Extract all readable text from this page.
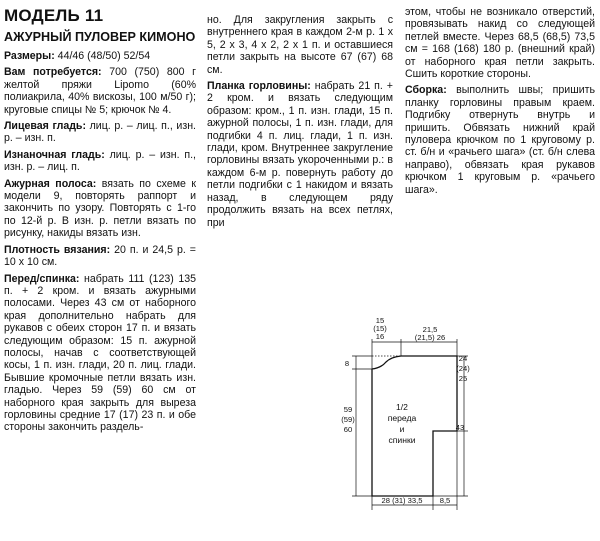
МОДЕЛЬ 11
АЖУРНЫЙ ПУЛОВЕР КИМОНО

Размеры: 44/46 (48/50) 52/54

Вам потребуется: 700 (750) 800 г желтой пряжи Lipomo (60% полиакрила, 40% вискозы, 100 м/50 г); круговые спицы № 5; крючок № 4.

Лицевая гладь: лиц. р. – лиц. п., изн. р. – изн. п.

Изнаночная гладь: лиц. р. – изн. п., изн. р. – лиц. п.

Ажурная полоса: вязать по схеме к модели 9, повторять раппорт и закончить по узору. Повторять с 1-го по 12-й р. В изн. р. петли вязать по рисунку, накиды вязать изн.

Плотность вязания: 20 п. и 24,5 р. = 10 х 10 см.

Перед/спинка: набрать 111 (123) 135 п. + 2 кром. и вязать ажурными полосами. Через 43 см от наборного края дополнительно набрать для рукавов с обеих сторон 17 п. и вязать следующим образом: 15 п. ажурной полосы, начав с соответствующей косы, 1 п. изн. глади, 20 п. лиц. глади. Бывшие кромочные петли вязать изн. гладью. Через 59 (59) 60 см от наборного края закрыть для выреза горловины средние 17 (17) 23 п. и обе стороны закончить раздель-

но. Для закругления закрыть с внутреннего края в каждом 2-м р. 1 х 5, 2 х 3, 4 х 2, 2 х 1 п. и оставшиеся петли закрыть на высоте 67 (67) 68 см.

Планка горловины: набрать 21 п. + 2 кром. и вязать следующим образом: кром., 1 п. изн. глади, 15 п. ажурной полосы, 1 п. изн. глади, для подгибки 4 п. лиц. глади, 1 п. изн. глади, кром. Внутреннее закругление горловины вязать укороченными р.: в каждом 6-м р. повернуть работу до петли подгибки с 1 накидом и вязать назад, в следующем ряду продолжить вязать на всех петлях, при

этом, чтобы не возникало отверстий, провязывать накид со следующей петлей вместе. Через 68,5 (68,5) 73,5 см = 168 (168) 180 р. (внешний край) от наборного края петли закрыть. Сшить короткие стороны.

Сборка: выполнить швы; пришить планку горловины правым краем. Подгибку отвернуть внутрь и пришить. Обвязать нижний край пуловера крючком по 1 круговому р. ст. б/н и «рачьего шага» (ст. б/н слева направо), обвязать края рукавов крючком 1 круговым р. «рачьего шага».

15
(15)
16
21,5
(21,5) 26
8
59
(59)
60
24
(24)
25
43
1/2
переда
и
спинки
28 (31) 33,5 8,5
